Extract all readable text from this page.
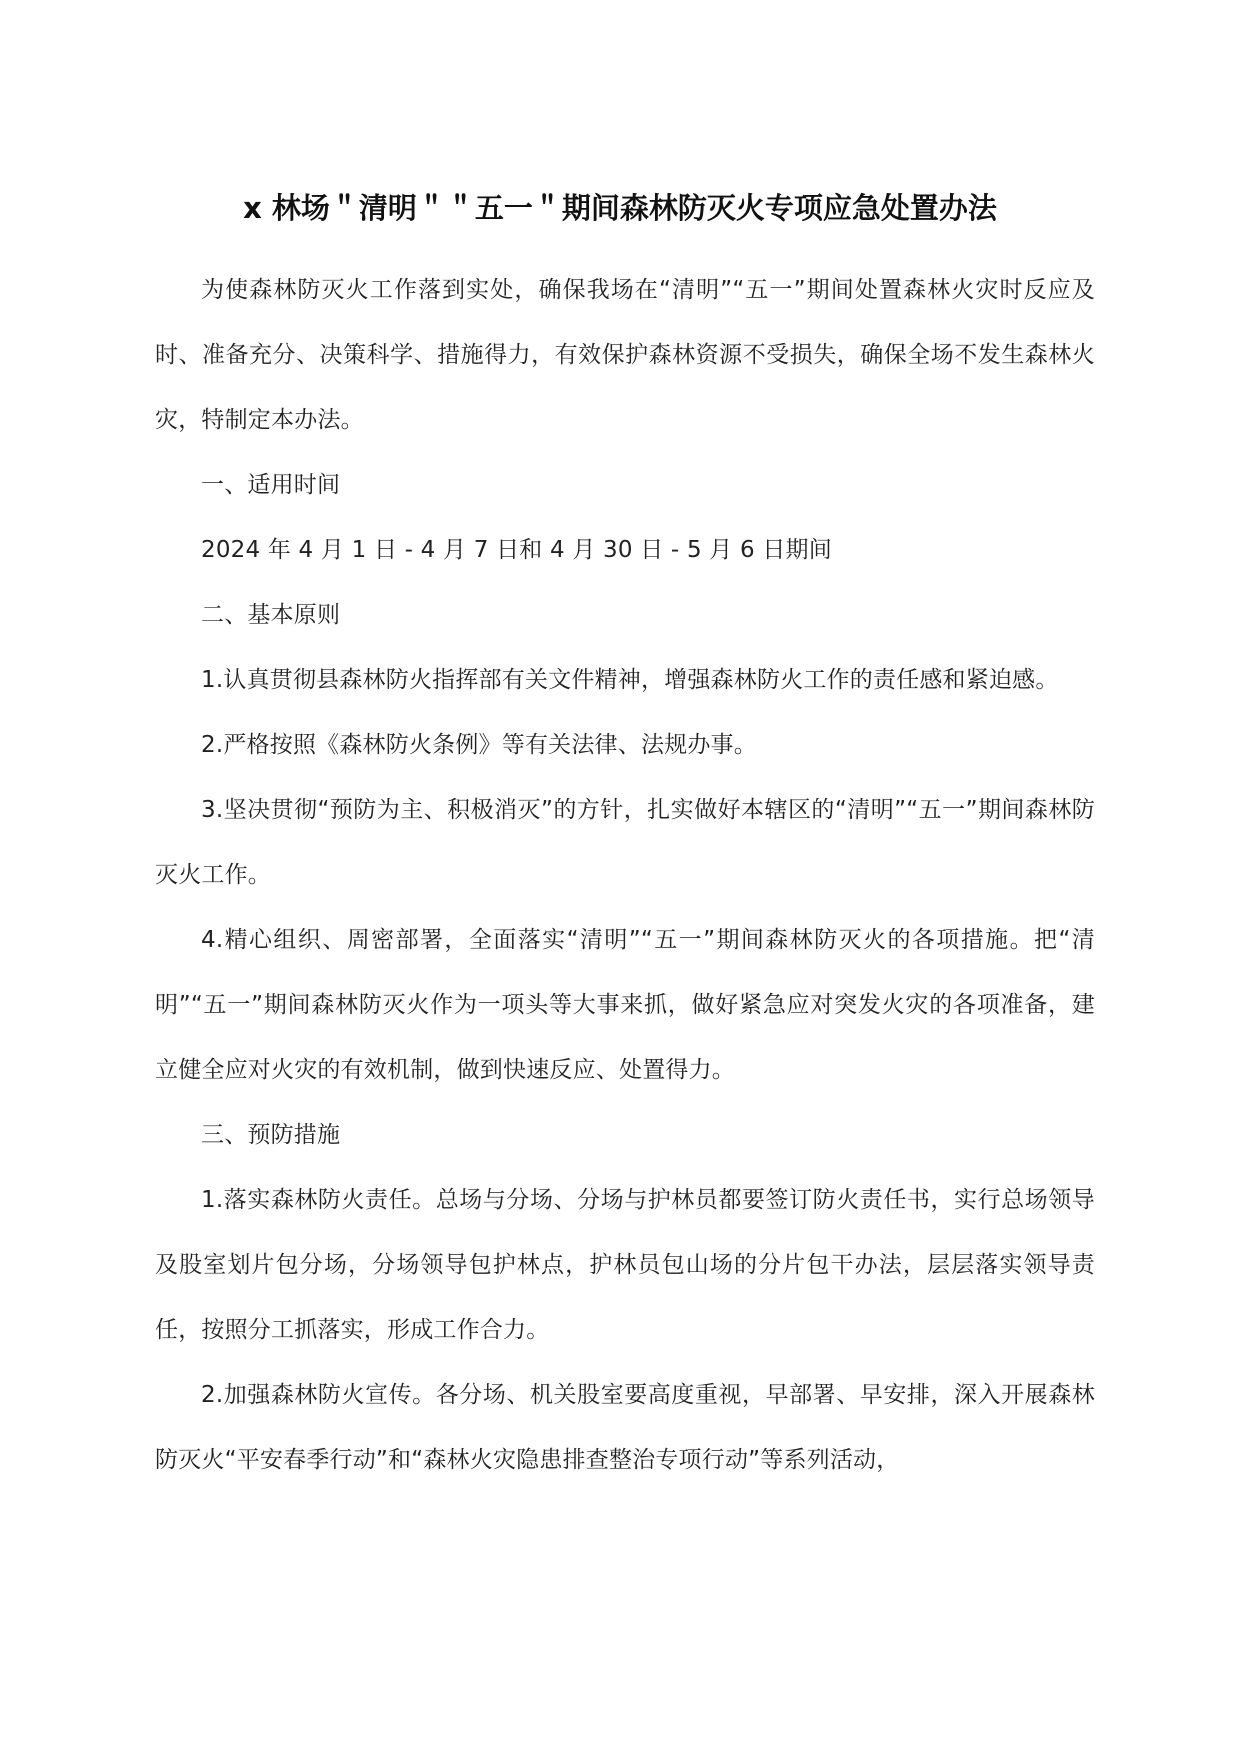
x 林场＂清明＂＂五一＂期间森林防灭火专项应急处置办法

为使森林防灭火工作落到实处，确保我场在“清明”“五一”期间处置森林火灾时反应及时、准备充分、决策科学、措施得力，有效保护森林资源不受损失，确保全场不发生森林火灾，特制定本办法。

一、适用时间

2024 年 4 月 1 日 - 4 月 7 日和 4 月 30 日 - 5 月 6 日期间

二、基本原则

1.认真贯彻县森林防火指挥部有关文件精神，增强森林防火工作的责任感和紧迫感。

2.严格按照《森林防火条例》等有关法律、法规办事。

3.坚决贯彻“预防为主、积极消灭”的方针，扎实做好本辖区的“清明”“五一”期间森林防灭火工作。

4.精心组织、周密部署，全面落实“清明”“五一”期间森林防灭火的各项措施。把“清明”“五一”期间森林防灭火作为一项头等大事来抓，做好紧急应对突发火灾的各项准备，建立健全应对火灾的有效机制，做到快速反应、处置得力。

三、预防措施

1.落实森林防火责任。总场与分场、分场与护林员都要签订防火责任书，实行总场领导及股室划片包分场，分场领导包护林点，护林员包山场的分片包干办法，层层落实领导责任，按照分工抓落实，形成工作合力。

2.加强森林防火宣传。各分场、机关股室要高度重视，早部署、早安排，深入开展森林防灭火“平安春季行动”和“森林火灾隐患排查整治专项行动”等系列活动，
